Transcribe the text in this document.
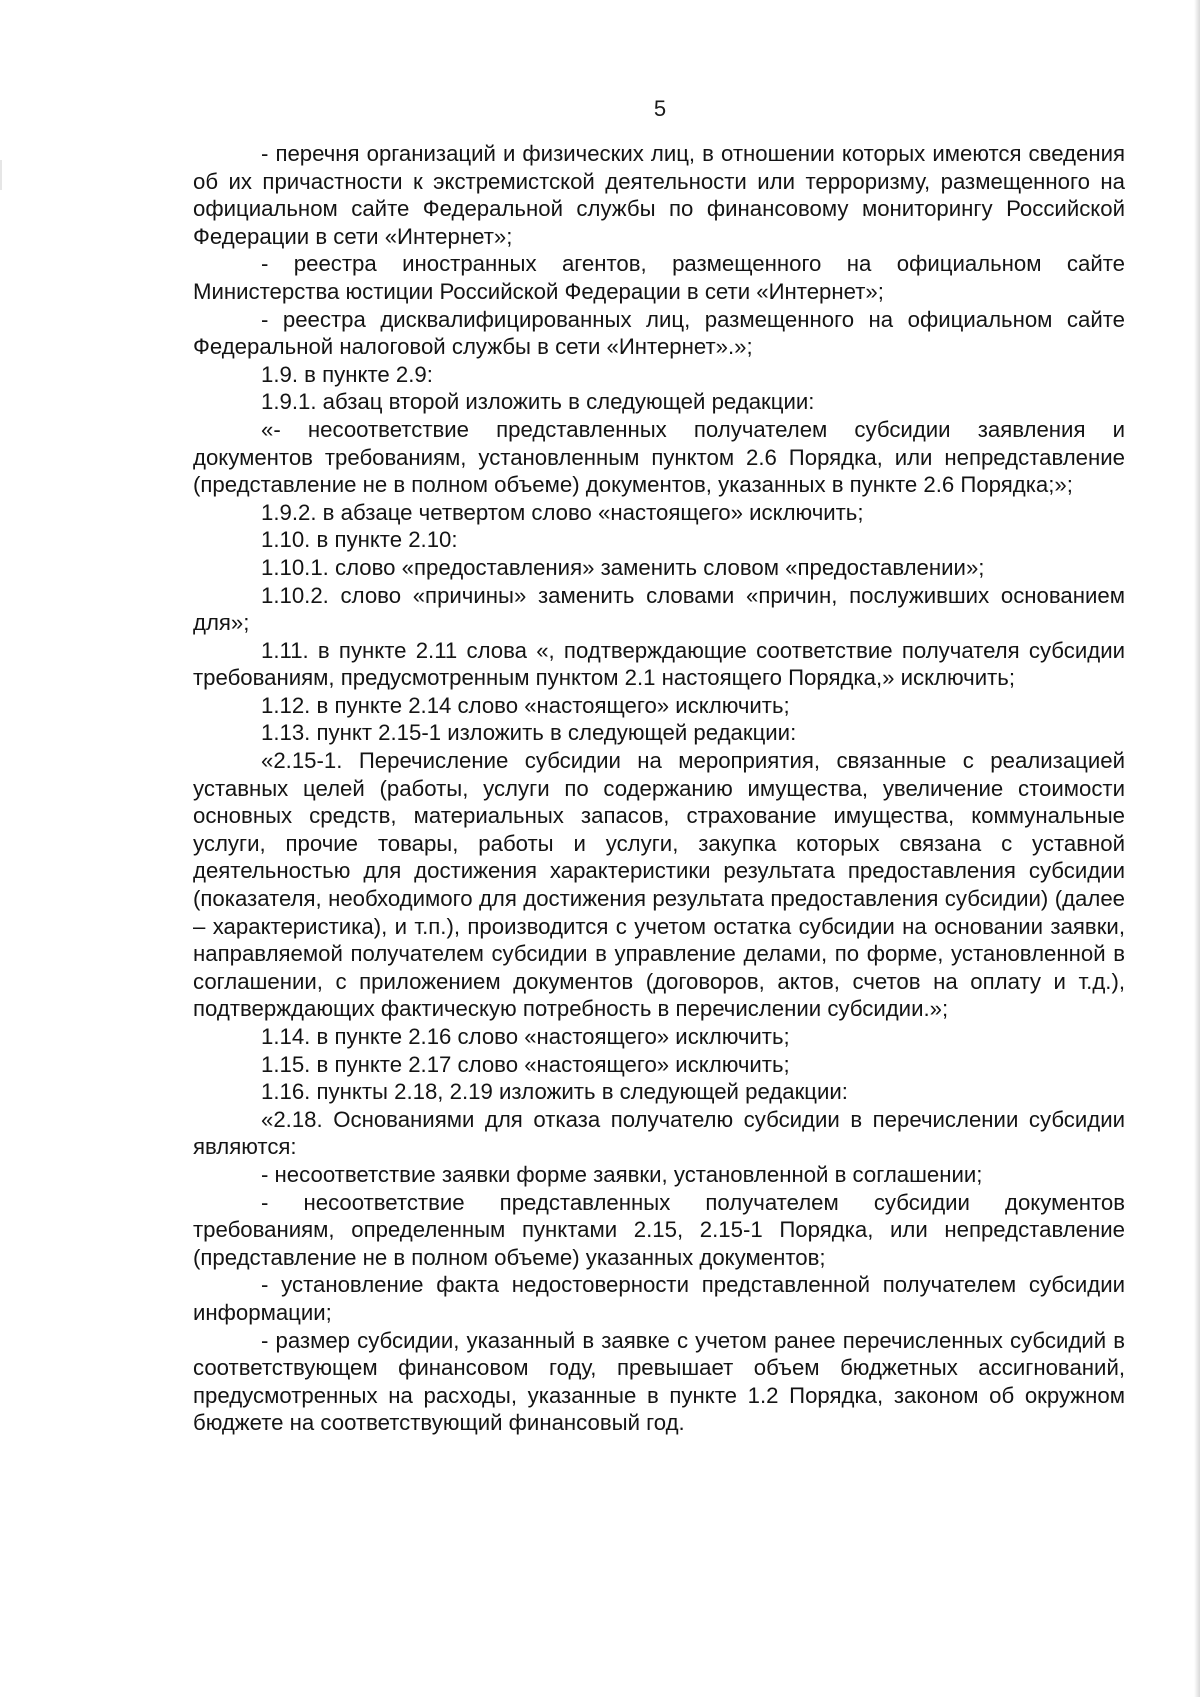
5

- перечня организаций и физических лиц, в отношении которых имеются сведения об их причастности к экстремистской деятельности или терроризму, размещенного на официальном сайте Федеральной службы по финансовому мониторингу Российской Федерации в сети «Интернет»;

- реестра иностранных агентов, размещенного на официальном сайте Министерства юстиции Российской Федерации в сети «Интернет»;

- реестра дисквалифицированных лиц, размещенного на официальном сайте Федеральной налоговой службы в сети «Интернет».»;

1.9. в пункте 2.9:

1.9.1. абзац второй изложить в следующей редакции:

«- несоответствие представленных получателем субсидии заявления и документов требованиям, установленным пунктом 2.6 Порядка, или непредставление (представление не в полном объеме) документов, указанных в пункте 2.6 Порядка;»;

1.9.2. в абзаце четвертом слово «настоящего» исключить;

1.10. в пункте 2.10:

1.10.1. слово «предоставления» заменить словом «предоставлении»;

1.10.2. слово «причины» заменить словами «причин, послуживших основанием для»;

1.11. в пункте 2.11 слова «, подтверждающие соответствие получателя субсидии требованиям, предусмотренным пунктом 2.1 настоящего Порядка,» исключить;

1.12. в пункте 2.14 слово «настоящего» исключить;

1.13. пункт 2.15-1 изложить в следующей редакции:

«2.15-1. Перечисление субсидии на мероприятия, связанные с реализацией уставных целей (работы, услуги по содержанию имущества, увеличение стоимости основных средств, материальных запасов, страхование имущества, коммунальные услуги, прочие товары, работы и услуги, закупка которых связана с уставной деятельностью для достижения характеристики результата предоставления субсидии (показателя, необходимого для достижения результата предоставления субсидии) (далее – характеристика), и т.п.), производится с учетом остатка субсидии на основании заявки, направляемой получателем субсидии в управление делами, по форме, установленной в соглашении, с приложением документов (договоров, актов, счетов на оплату и т.д.), подтверждающих фактическую потребность в перечислении субсидии.»;

1.14. в пункте 2.16 слово «настоящего» исключить;

1.15. в пункте 2.17 слово «настоящего» исключить;

1.16. пункты 2.18, 2.19 изложить в следующей редакции:

«2.18. Основаниями для отказа получателю субсидии в перечислении субсидии являются:

- несоответствие заявки форме заявки, установленной в соглашении;

- несоответствие представленных получателем субсидии документов требованиям, определенным пунктами 2.15, 2.15-1 Порядка, или непредставление (представление не в полном объеме) указанных документов;

- установление факта недостоверности представленной получателем субсидии информации;

- размер субсидии, указанный в заявке с учетом ранее перечисленных субсидий в соответствующем финансовом году, превышает объем бюджетных ассигнований, предусмотренных на расходы, указанные в пункте 1.2 Порядка, законом об окружном бюджете на соответствующий финансовый год.
